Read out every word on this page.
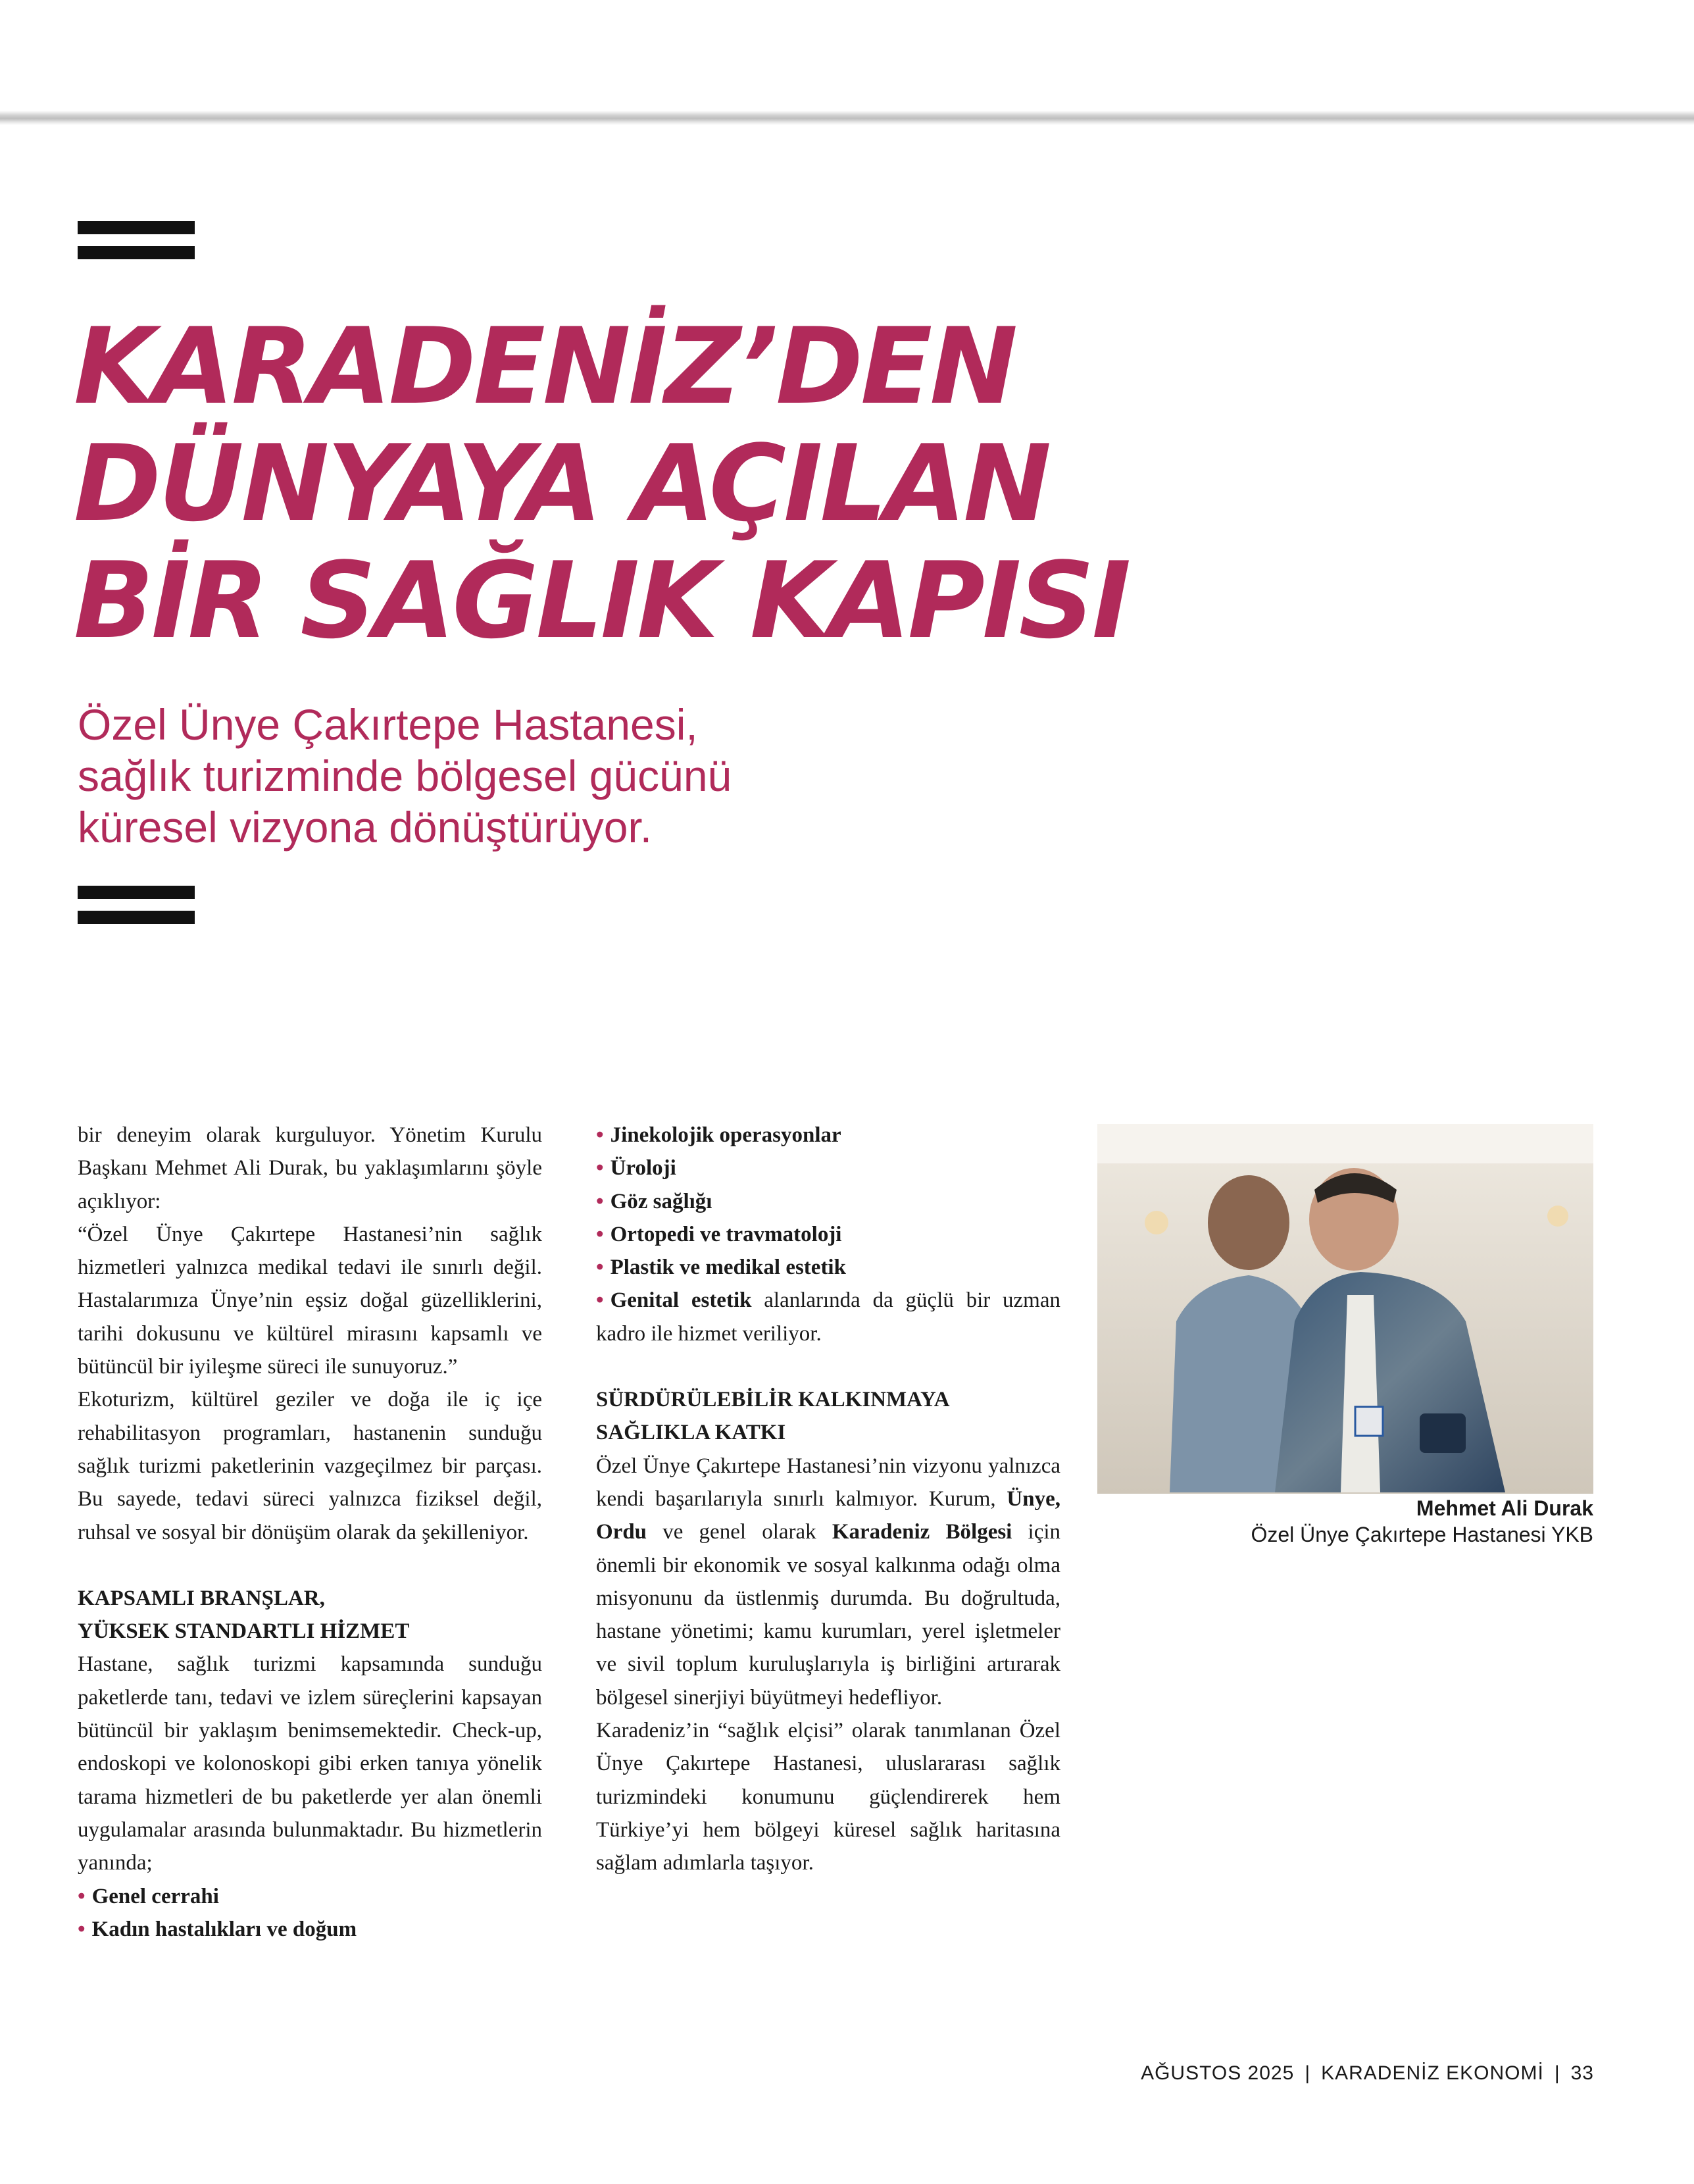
KARADENİZ’DEN
DÜNYAYA AÇILAN
BİR SAĞLIK KAPISI
Özel Ünye Çakırtepe Hastanesi,
sağlık turizminde bölgesel gücünü
küresel vizyona dönüştürüyor.

bir deneyim olarak kurguluyor. Yönetim Kurulu Başkanı Mehmet Ali Durak, bu yaklaşımlarını şöyle açıklıyor:

“Özel Ünye Çakırtepe Hastanesi’nin sağlık hizmetleri yalnızca medikal tedavi ile sınırlı değil. Hastalarımıza Ünye’nin eşsiz doğal güzelliklerini, tarihi dokusunu ve kültürel mirasını kapsamlı ve bütüncül bir iyileşme süreci ile sunuyoruz.”

Ekoturizm, kültürel geziler ve doğa ile iç içe rehabilitasyon programları, hastanenin sunduğu sağlık turizmi paketlerinin vazgeçilmez bir parçası. Bu sayede, tedavi süreci yalnızca fiziksel değil, ruhsal ve sosyal bir dönüşüm olarak da şekilleniyor.

KAPSAMLI BRANŞLAR,
YÜKSEK STANDARTLI HİZMET

Hastane, sağlık turizmi kapsamında sunduğu paketlerde tanı, tedavi ve izlem süreçlerini kapsayan bütüncül bir yaklaşım benimsemektedir. Check-up, endoskopi ve kolonoskopi gibi erken tanıya yönelik tarama hizmetleri de bu paketlerde yer alan önemli uygulamalar arasında bulunmaktadır. Bu hizmetlerin yanında;

• Genel cerrahi
• Kadın hastalıkları ve doğum
• Jinekolojik operasyonlar
• Üroloji
• Göz sağlığı
• Ortopedi ve travmatoloji
• Plastik ve medikal estetik
• Genital estetik alanlarında da güçlü bir uzman kadro ile hizmet veriliyor.
SÜRDÜRÜLEBİLİR KALKINMAYA
SAĞLIKLA KATKI

Özel Ünye Çakırtepe Hastanesi’nin vizyonu yalnızca kendi başarılarıyla sınırlı kalmıyor. Kurum, Ünye, Ordu ve genel olarak Karadeniz Bölgesi için önemli bir ekonomik ve sosyal kalkınma odağı olma misyonunu da üstlenmiş durumda. Bu doğrultuda, hastane yönetimi; kamu kurumları, yerel işletmeler ve sivil toplum kuruluşlarıyla iş birliğini artırarak bölgesel sinerjiyi büyütmeyi hedefliyor.

Karadeniz’in “sağlık elçisi” olarak tanımlanan Özel Ünye Çakırtepe Hastanesi, uluslararası sağlık turizmindeki konumunu güçlendirerek hem Türkiye’yi hem bölgeyi küresel sağlık haritasına sağlam adımlarla taşıyor.

Mehmet Ali Durak
Özel Ünye Çakırtepe Hastanesi YKB
AĞUSTOS 2025 | KARADENİZ EKONOMİ | 33
